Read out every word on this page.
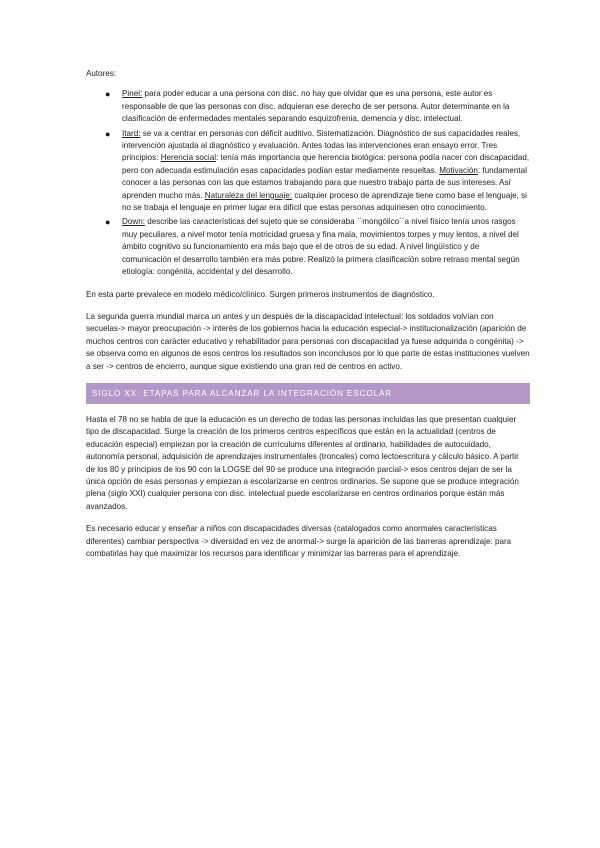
Autores:
● Pinel: para poder educar a una persona con disc. no hay que olvidar que es una persona, este autor es responsable de que las personas con disc. adquieran ese derecho de ser persona. Autor determinante en la clasificación de enfermedades mentales separando esquizofrenia, demencia y disc. intelectual.
● Itard: se va a centrar en personas con déficit auditivo. Sistematización. Diagnóstico de sus capacidades reales, intervención ajustada al diagnóstico y evaluación. Antes todas las intervenciones eran ensayo error. Tres principios: Herencia social: tenía más importancia que herencia biológica: persona podía nacer con discapacidad, pero con adecuada estimulación esas capacidades podían estar mediamente resueltas. Motivación: fundamental conocer a las personas con las que estamos trabajando para que nuestro trabajo parta de sus intereses. Así aprenden mucho más. Naturaleza del lenguaje: cualquier proceso de aprendizaje tiene como base el lenguaje, si no se trabaja el lenguaje en primer lugar era difícil que estas personas adquiriesen otro conocimiento.
● Down: describe las características del sujeto que se consideraba ``mongólico´´a nivel físico tenía unos rasgos muy peculiares, a nivel motor tenía motricidad gruesa y fina mala, movimientos torpes y muy lentos, a nivel del ámbito cognitivo su funcionamiento era más bajo que el de otros de su edad. A nivel lingüístico y de comunicación el desarrollo también era más pobre. Realizó la primera clasificación sobre retraso mental según etiología: congénita, accidental y del desarrollo.

En esta parte prevalece en modelo médico/clínico. Surgen primeros instrumentos de diagnóstico.

La segunda guerra mundial marca un antes y un después de la discapacidad intelectual: los soldados volvían con secuelas-> mayor preocupación -> interés de los gobiernos hacia la educación especial-> institucionalización (aparición de muchos centros con carácter educativo y rehabilitador para personas con discapacidad ya fuese adquirida o congénita) -> se observa como en algunos de esos centros los resultados son inconclusos por lo que parte de estas instituciones vuelven a ser -> centros de encierro, aunque sigue existiendo una gran red de centros en activo.

SIGLO XX: ETAPAS PARA ALCANZAR LA INTEGRACIÓN ESCOLAR

Hasta el 78 no se habla de que la educación es un derecho de todas las personas incluidas las que presentan cualquier tipo de discapacidad. Surge la creación de los primeros centros específicos que están en la actualidad (centros de educación especial) empiezan por la creación de currículums diferentes al ordinario, habilidades de autocuidado, autonomía personal, adquisición de aprendizajes instrumentales (troncales) como lectoescritura y cálculo básico. A partir de los 80 y principios de los 90 con la LOGSE del 90 se produce una integración parcial-> esos centros dejan de ser la única opción de esas personas y empiezan a escolarizarse en centros ordinarios. Se supone que se produce integración plena (siglo XXI) cualquier persona con disc. intelectual puede escolarizarse en centros ordinarios porque están más avanzados.

Es necesario educar y enseñar a niños con discapacidades diversas (catalogados como anormales características diferentes) cambiar perspectiva -> diversidad en vez de anormal-> surge la aparición de las barreras aprendizaje: para combatirlas hay que maximizar los recursos para identificar y minimizar las barreras para el aprendizaje.
